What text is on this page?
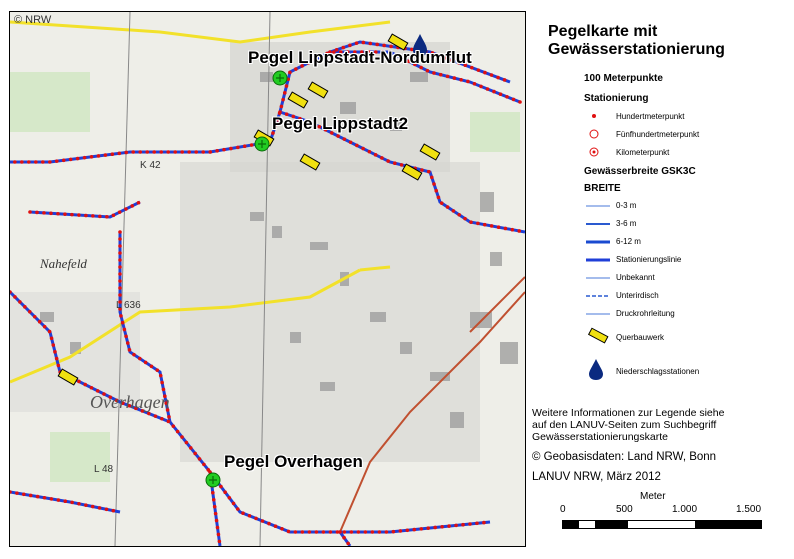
Nahefeld
Overhagen
L 636
K 42
L 48
© NRW
Pegel Lippstadt-Nordumflut
Pegel Lippstadt2
Pegel Overhagen
Pegelkarte mit
Gewässerstationierung
100 Meterpunkte
Stationierung
Hundertmeterpunkt
Fünfhundertmeterpunkt
Kilometerpunkt
Gewässerbreite GSK3C
BREITE
0-3 m
3-6 m
6-12 m
Stationierungslinie
Unbekannt
Unterirdisch
Druckrohrleitung
Querbauwerk
Niederschlagsstationen
Weitere Informationen zur Legende siehe
auf den LANUV-Seiten zum Suchbegriff
Gewässerstationierungskarte
© Geobasisdaten: Land NRW, Bonn
LANUV NRW, März 2012
Meter
0	500	1.000	1.500
